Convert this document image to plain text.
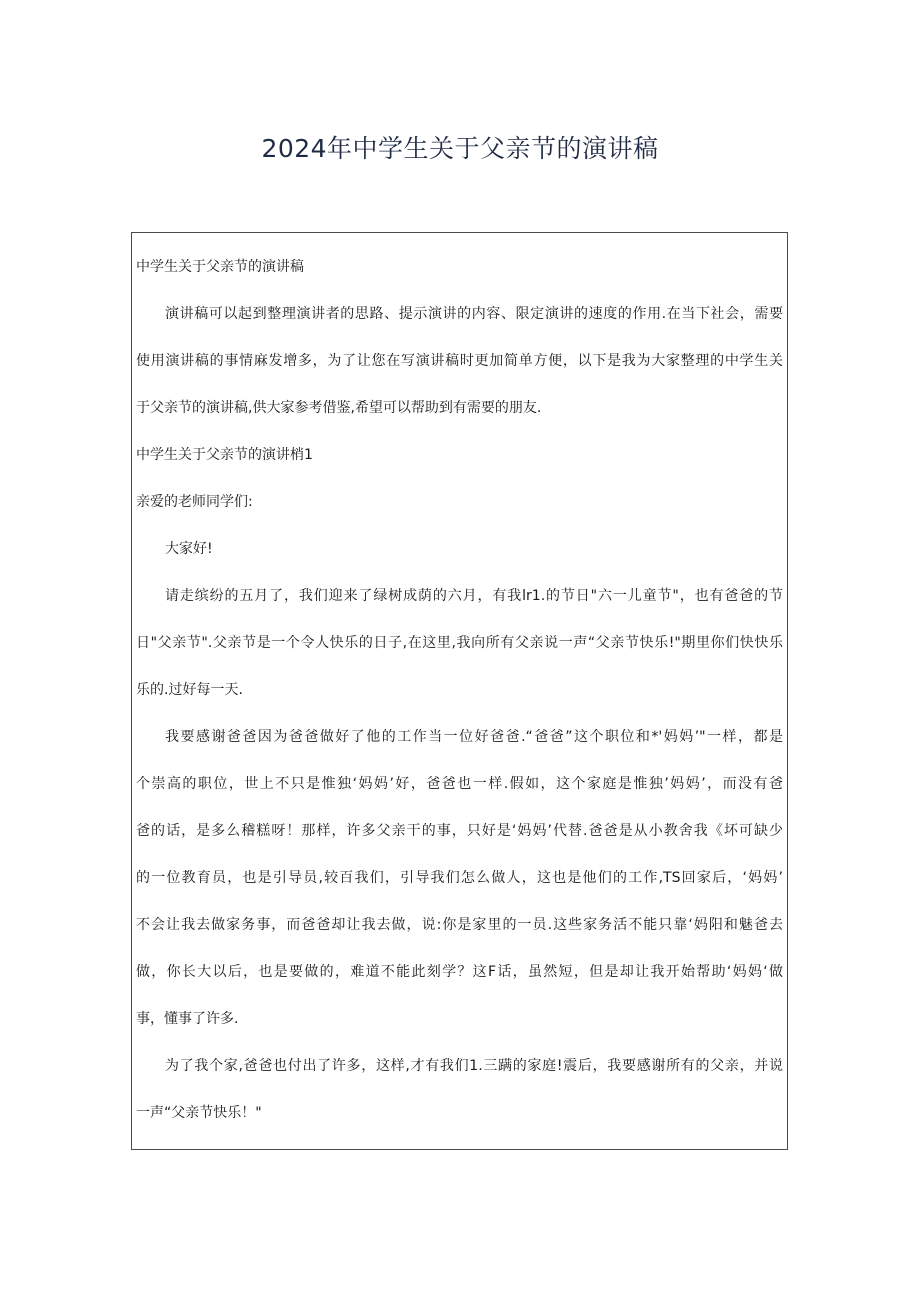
2024年中学生关于父亲节的演讲稿
中学生关于父亲节的演讲稿
演讲稿可以起到整理演讲者的思路、提示演讲的内容、限定演讲的速度的作用.在当下社会，需要
使用演讲稿的事情麻发增多，为了让您在写演讲稿时更加简单方便，以下是我为大家整理的中学生关
于父亲节的演讲稿,供大家参考借鉴,希望可以帮助到有需要的朋友.
中学生关于父亲节的演讲梢1
亲爱的老师同学们:
大家好!
请走缤纷的五月了，我们迎来了绿树成荫的六月，有我lr1.的节日"六一儿童节"，也有爸爸的节
日"父亲节".父亲节是一个令人快乐的日子,在这里,我向所有父亲说一声“父亲节快乐!"期里你们快快乐
乐的.过好每一天.
我要感谢爸爸因为爸爸做好了他的工作当一位好爸爸.“爸爸”这个职位和*'妈妈’"一样，都是
个崇高的职位，世上不只是惟独‘妈妈’好，爸爸也一样.假如，这个家庭是惟独’妈妈’，而没有爸
爸的话，是多么稽糕呀！那样，许多父亲干的事，只好是‘妈妈’代替.爸爸是从小教舍我《坏可缺少
的一位教育员，也是引导员,较百我们，引导我们怎么做人，这也是他们的工作,TS回家后，‘妈妈’
不会让我去做家务事，而爸爸却让我去做，说:你是家里的一员.这些家务活不能只靠‘妈阳和魅爸去
做，你长大以后，也是要做的，难道不能此刻学？这F话，虽然短，但是却让我开始帮助‘妈妈‘做
事，懂事了许多.
为了我个家,爸爸也付出了许多，这样,才有我们1.三蹒的家庭!震后，我要感谢所有的父亲，并说
一声“父亲节快乐！"
